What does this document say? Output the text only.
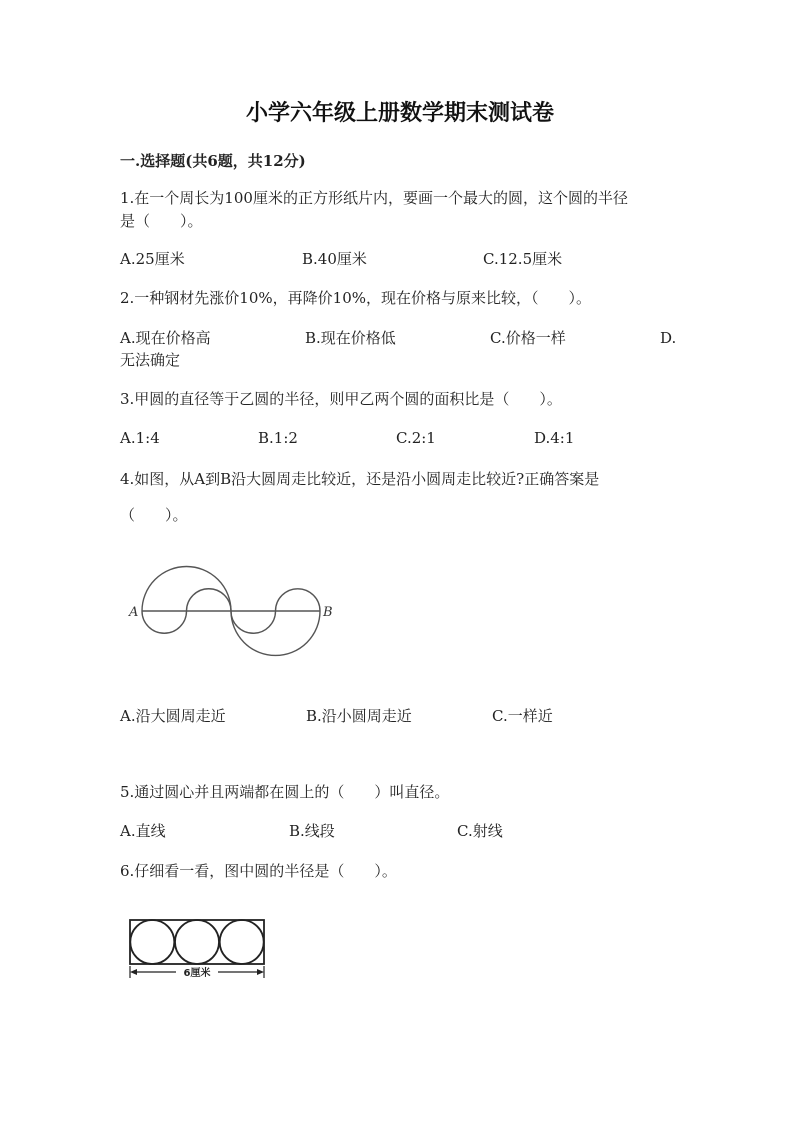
小学六年级上册数学期末测试卷
一.选择题(共6题，共12分)
1.在一个周长为100厘米的正方形纸片内，要画一个最大的圆，这个圆的半径
是（　　）。
A.25厘米	B.40厘米	C.12.5厘米
2.一种钢材先涨价10%，再降价10%，现在价格与原来比较，（　　）。
A.现在价格高	B.现在价格低	C.价格一样	D.
无法确定
3.甲圆的直径等于乙圆的半径，则甲乙两个圆的面积比是（　　）。
A.1:4	B.1:2	C.2:1	D.4:1
4.如图，从A到B沿大圆周走比较近，还是沿小圆周走比较近?正确答案是
（　　）。
A	B
A.沿大圆周走近	B.沿小圆周走近	C.一样近
5.通过圆心并且两端都在圆上的（　　）叫直径。
A.直线	B.线段	C.射线
6.仔细看一看，图中圆的半径是（　　）。
6厘米
